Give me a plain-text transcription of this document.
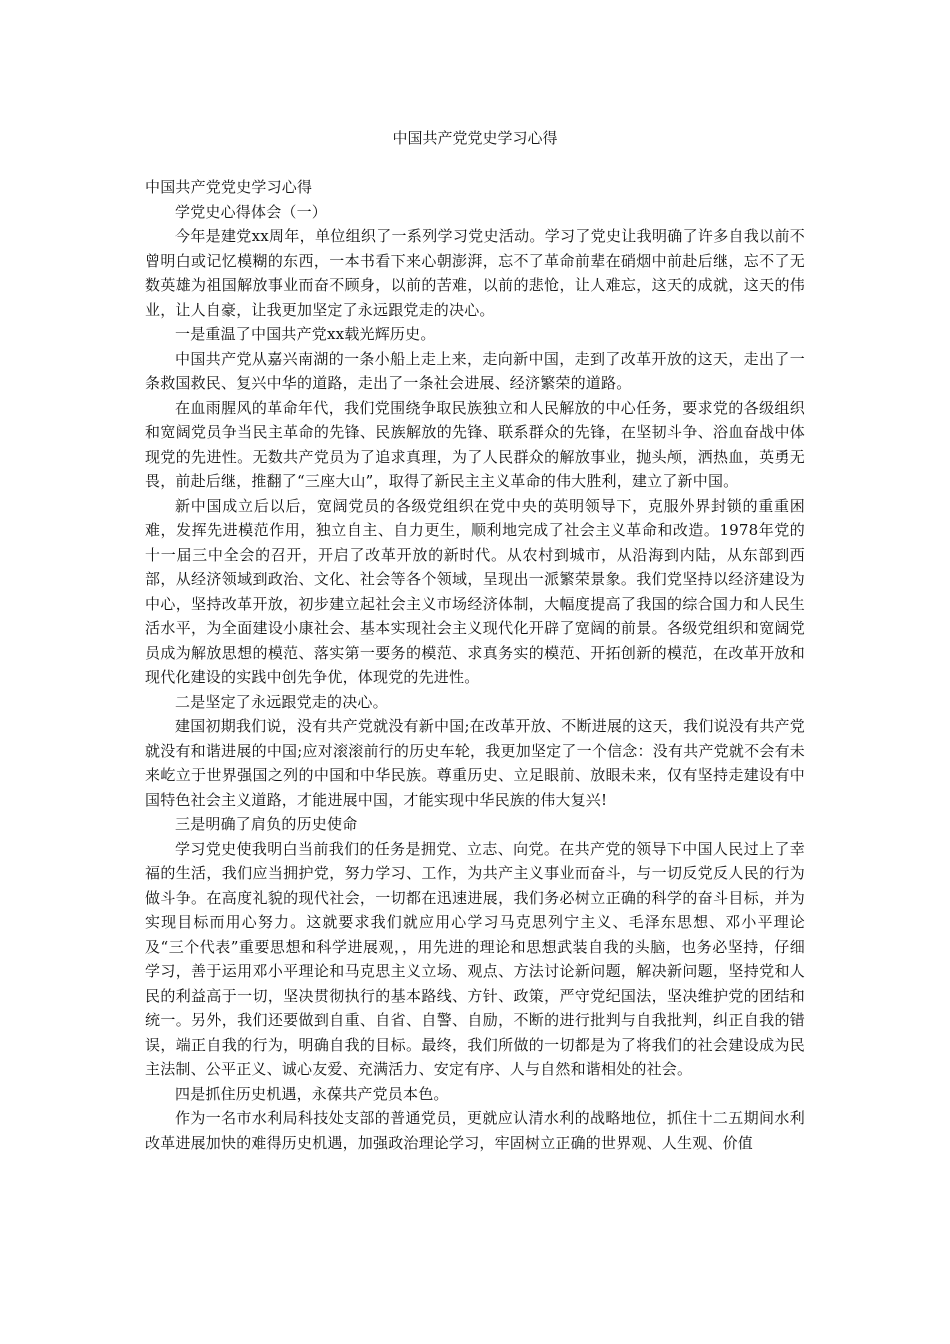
中国共产党党史学习心得

中国共产党党史学习心得

学党史心得体会（一）

今年是建党xx周年，单位组织了一系列学习党史活动。学习了党史让我明确了许多自我以前不曾明白或记忆模糊的东西，一本书看下来心朝澎湃，忘不了革命前辈在硝烟中前赴后继，忘不了无数英雄为祖国解放事业而奋不顾身，以前的苦难，以前的悲怆，让人难忘，这天的成就，这天的伟业，让人自豪，让我更加坚定了永远跟党走的决心。

一是重温了中国共产党xx载光辉历史。

中国共产党从嘉兴南湖的一条小船上走上来，走向新中国，走到了改革开放的这天，走出了一条救国救民、复兴中华的道路，走出了一条社会进展、经济繁荣的道路。

在血雨腥风的革命年代，我们党围绕争取民族独立和人民解放的中心任务，要求党的各级组织和宽阔党员争当民主革命的先锋、民族解放的先锋、联系群众的先锋，在坚韧斗争、浴血奋战中体现党的先进性。无数共产党员为了追求真理，为了人民群众的解放事业，抛头颅，洒热血，英勇无畏，前赴后继，推翻了“三座大山”，取得了新民主主义革命的伟大胜利，建立了新中国。

新中国成立后以后，宽阔党员的各级党组织在党中央的英明领导下，克服外界封锁的重重困难，发挥先进模范作用，独立自主、自力更生，顺利地完成了社会主义革命和改造。1978年党的十一届三中全会的召开，开启了改革开放的新时代。从农村到城市，从沿海到内陆，从东部到西部，从经济领域到政治、文化、社会等各个领域，呈现出一派繁荣景象。我们党坚持以经济建设为中心，坚持改革开放，初步建立起社会主义市场经济体制，大幅度提高了我国的综合国力和人民生活水平，为全面建设小康社会、基本实现社会主义现代化开辟了宽阔的前景。各级党组织和宽阔党员成为解放思想的模范、落实第一要务的模范、求真务实的模范、开拓创新的模范，在改革开放和现代化建设的实践中创先争优，体现党的先进性。

二是坚定了永远跟党走的决心。

建国初期我们说，没有共产党就没有新中国;在改革开放、不断进展的这天，我们说没有共产党就没有和谐进展的中国;应对滚滚前行的历史车轮，我更加坚定了一个信念：没有共产党就不会有未来屹立于世界强国之列的中国和中华民族。尊重历史、立足眼前、放眼未来，仅有坚持走建设有中国特色社会主义道路，才能进展中国，才能实现中华民族的伟大复兴!

三是明确了肩负的历史使命

学习党史使我明白当前我们的任务是拥党、立志、向党。在共产党的领导下中国人民过上了幸福的生活，我们应当拥护党，努力学习、工作，为共产主义事业而奋斗，与一切反党反人民的行为做斗争。在高度礼貌的现代社会，一切都在迅速进展，我们务必树立正确的科学的奋斗目标，并为实现目标而用心努力。这就要求我们就应用心学习马克思列宁主义、毛泽东思想、邓小平理论及“三个代表”重要思想和科学进展观，，用先进的理论和思想武装自我的头脑，也务必坚持，仔细学习，善于运用邓小平理论和马克思主义立场、观点、方法讨论新问题，解决新问题，坚持党和人民的利益高于一切，坚决贯彻执行的基本路线、方针、政策，严守党纪国法，坚决维护党的团结和统一。另外，我们还要做到自重、自省、自警、自励，不断的进行批判与自我批判，纠正自我的错误，端正自我的行为，明确自我的目标。最终，我们所做的一切都是为了将我们的社会建设成为民主法制、公平正义、诚心友爱、充满活力、安定有序、人与自然和谐相处的社会。

四是抓住历史机遇，永葆共产党员本色。

作为一名市水利局科技处支部的普通党员，更就应认清水利的战略地位，抓住十二五期间水利改革进展加快的难得历史机遇，加强政治理论学习，牢固树立正确的世界观、人生观、价值
